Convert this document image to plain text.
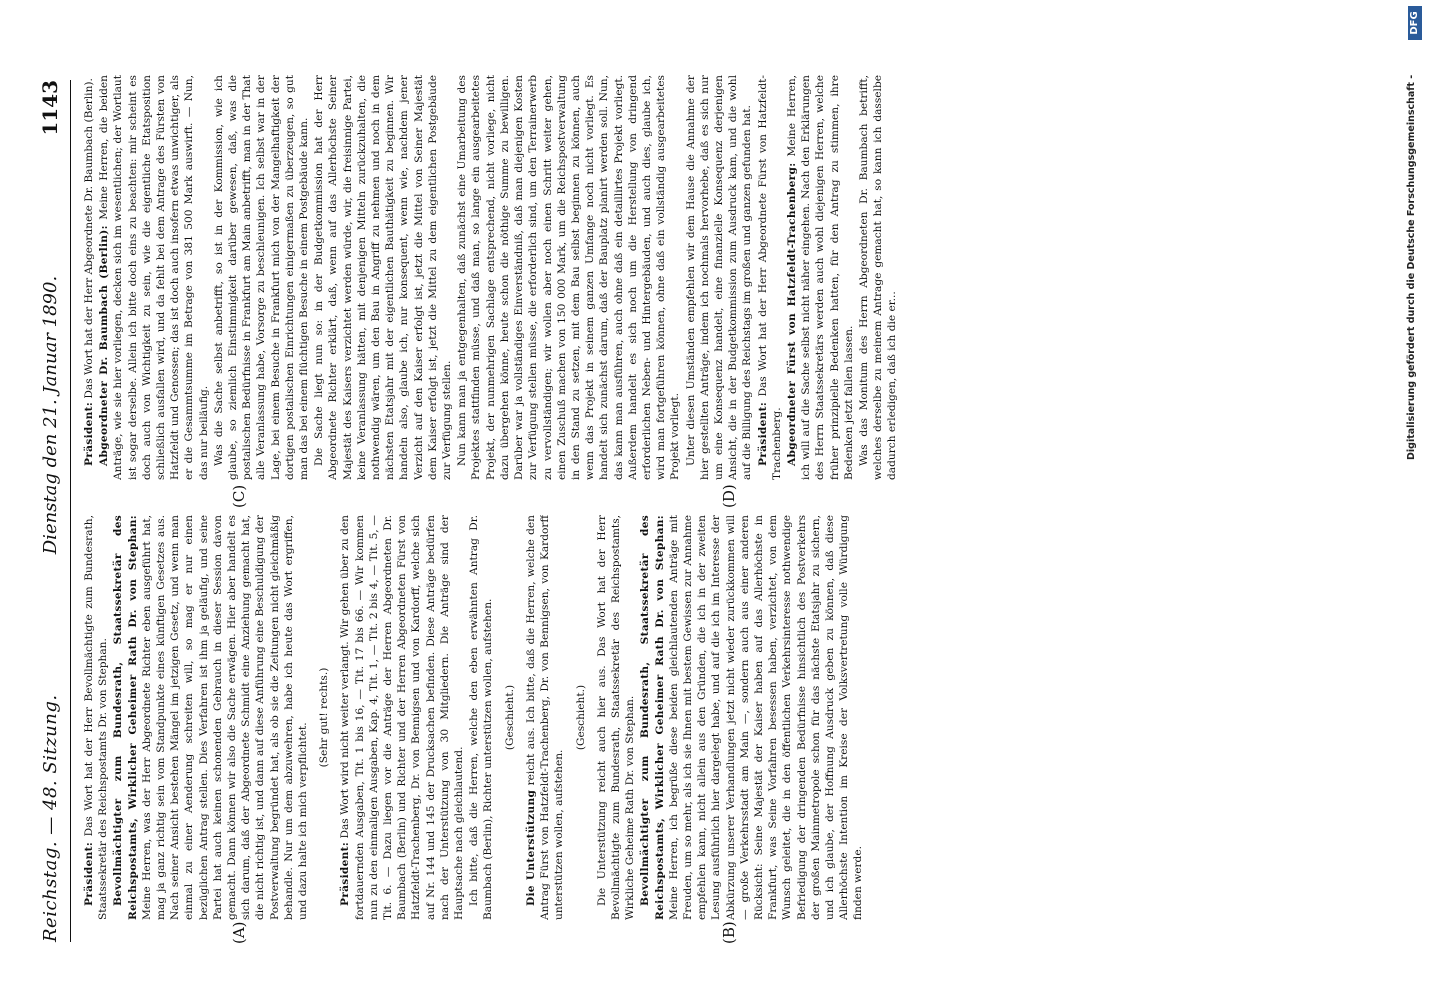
Reichstag. — 48. Sitzung.
Dienstag den 21. Januar 1890.
1143
(A)	(B)
(C)	(D)

Präsident: Das Wort hat der Herr Bevollmächtigte zum Bundesrath, Staatssekretär des Reichspostamts Dr. von Stephan. Bevollmächtigter zum Bundesrath, Staatssekretär des Reichspostamts, Wirklicher Geheimer Rath Dr. von Stephan: Meine Herren, was der Herr Abgeordnete Richter eben ausgeführt hat, mag ja ganz richtig sein vom Standpunkte eines künftigen Gesetzes aus. Nach seiner Ansicht bestehen Mängel im jetzigen Gesetz, und wenn man einmal zu einer Aenderung schreiten will, so mag er nur einen bezüglichen Antrag stellen. Dies Verfahren ist ihm ja geläufig, und seine Partei hat auch keinen schonenden Gebrauch in dieser Session davon gemacht. Dann können wir also die Sache erwägen. Hier aber handelt es sich darum, daß der Abgeordnete Schmidt eine Anziehung gemacht hat, die nicht richtig ist, und dann auf diese Anführung eine Beschuldigung der Postverwaltung begründet hat, als ob sie die Zeitungen nicht gleichmäßig behandle. Nur um dem abzuwehren, habe ich heute das Wort ergriffen, und dazu halte ich mich verpflichtet.

(Sehr gut! rechts.)

Präsident: Das Wort wird nicht weiter verlangt. Wir gehen über zu den fortdauernden Ausgaben, Tit. 1 bis 16, — Tit. 17 bis 66. — Wir kommen nun zu den einmaligen Ausgaben, Kap. 4, Tit. 1, — Tit. 2 bis 4, — Tit. 5, — Tit. 6. — Dazu liegen vor die Anträge der Herren Abgeordneten Dr. Baumbach (Berlin) und Richter und der Herren Abgeordneten Fürst von Hatzfeldt-Trachenberg, Dr. von Bennigsen und von Kardorff, welche sich auf Nr. 144 und 145 der Drucksachen befinden. Diese Anträge bedürfen nach der Unterstützung von 30 Mitgliedern. Die Anträge sind der Hauptsache nach gleichlautend. Ich bitte, daß die Herren, welche den eben erwähnten Antrag Dr. Baumbach (Berlin), Richter unterstützen wollen, aufstehen. (Geschieht.)

Die Unterstützung reicht aus. Ich bitte, daß die Herren, welche den Antrag Fürst von Hatzfeldt-Trachenberg, Dr. von Bennigsen, von Kardorff unterstützen wollen, aufstehen.

(Geschieht.) Die Unterstützung reicht auch hier aus. Das Wort hat der Herr Bevollmächtigte zum Bundesrath, Staatssekretär des Reichspostamts, Wirkliche Geheime Rath Dr. von Stephan. Bevollmächtigter zum Bundesrath, Staatssekretär des Reichspostamts, Wirklicher Geheimer Rath Dr. von Stephan: Meine Herren, ich begrüße diese beiden gleichlautenden Anträge mit Freuden, um so mehr, als ich sie Ihnen mit bestem Gewissen zur Annahme empfehlen kann, nicht allein aus den Gründen, die ich in der zweiten Lesung ausführlich hier dargelegt habe, und auf die ich im Interesse der Abkürzung unserer Verhandlungen jetzt nicht wieder zurückkommen will — große Verkehrsstadt am Main —, sondern auch aus einer anderen Rücksicht: Seine Majestät der Kaiser haben auf das Allerhöchste in Frankfurt, was Seine Vorfahren besessen haben, verzichtet, von dem Wunsch geleitet, die in den öffentlichen Verkehrsinteresse nothwendige Befriedigung der dringenden Bedürfnisse hinsichtlich des Postverkehrs der großen Mainmetropole schon für das nächste Etatsjahr zu sichern, und ich glaube, der Hoffnung Ausdruck geben zu können, daß diese Allerhöchste Intention im Kreise der Volksvertretung volle Würdigung finden werde.

Präsident: Das Wort hat der Herr Abgeordnete Dr. Baumbach (Berlin). Abgeordneter Dr. Baumbach (Berlin): Meine Herren, die beiden Anträge, wie sie hier vorliegen, decken sich im wesentlichen; der Wortlaut ist sogar derselbe. Allein ich bitte doch eins zu beachten: mir scheint es doch auch von Wichtigkeit zu sein, wie die eigentliche Etatsposition schließlich ausfallen wird, und da fehlt bei dem Antrage des Fürsten von Hatzfeldt und Genossen; das ist doch auch insofern etwas unwichtiger, als er die Gesammtsumme im Betrage von 381 500 Mark auswirft. — Nun, das nur beiläufig. Was die Sache selbst anbetrifft, so ist in der Kommission, wie ich glaube, so ziemlich Einstimmigkeit darüber gewesen, daß, was die postalischen Bedürfnisse in Frankfurt am Main anbetrifft, man in der That alle Veranlassung habe, Vorsorge zu beschleunigen. Ich selbst war in der Lage, bei einem Besuche in Frankfurt mich von der Mangelhaftigkeit der dortigen postalischen Einrichtungen einigermaßen zu überzeugen, so gut man das bei einem flüchtigen Besuche in einem Postgebäude kann. Die Sache liegt nun so: in der Budgetkommission hat der Herr Abgeordnete Richter erklärt, daß, wenn auf das Allerhöchste Seiner Majestät des Kaisers verzichtet werden würde, wir, die freisinnige Partei, keine Veranlassung hätten, mit denjenigen Mitteln zurückzuhalten, die nothwendig wären, um den Bau in Angriff zu nehmen und noch in dem nächsten Etatsjahr mit der eigentlichen Bauthätigkeit zu beginnen. Wir handeln also, glaube ich, nur konsequent, wenn wie, nachdem jener Verzicht auf den Kaiser erfolgt ist, jetzt die Mittel von Seiner Majestät dem Kaiser erfolgt ist, jetzt die Mittel zu dem eigentlichen Postgebäude zur Verfügung stellen. Nun kann man ja entgegenhalten, daß zunächst eine Umarbeitung des Projektes stattfinden müsse, und daß man, so lange ein ausgearbeitetes Projekt, der nunmehrigen Sachlage entsprechend, nicht vorliege, nicht dazu übergehen könne, heute schon die nöthige Summe zu bewilligen. Darüber war ja vollständiges Einverständniß, daß man diejenigen Kosten zur Verfügung stellen müsse, die erforderlich sind, um den Terrainerwerb zu vervollständigen; wir wollen aber noch einen Schritt weiter gehen, einen Zuschuß machen von 150 000 Mark, um die Reichspostverwaltung in den Stand zu setzen, mit dem Bau selbst beginnen zu können, auch wenn das Projekt in seinem ganzen Umfange noch nicht vorliegt. Es handelt sich zunächst darum, daß der Bauplatz planirt werden soll. Nun, das kann man ausführen, auch ohne daß ein detaillirtes Projekt vorliegt. Außerdem handelt es sich noch um die Herstellung von dringend erforderlichen Neben- und Hintergebäuden, und auch dies, glaube ich, wird man fortgeführen können, ohne daß ein vollständig ausgearbeitetes Projekt vorliegt. Unter diesen Umständen empfehlen wir dem Hause die Annahme der hier gestellten Anträge, indem ich nochmals hervorhebe, daß es sich nur um eine Konsequenz handelt, eine finanzielle Konsequenz derjenigen Ansicht, die in der Budgetkommission zum Ausdruck kam, und die wohl auf die Billigung des Reichstags im großen und ganzen gefunden hat. Präsident: Das Wort hat der Herr Abgeordnete Fürst von Hatzfeldt-Trachenberg. Abgeordneter Fürst von Hatzfeldt-Trachenberg: Meine Herren, ich will auf die Sache selbst nicht näher eingehen. Nach den Erklärungen des Herrn Staatssekretärs werden auch wohl diejenigen Herren, welche früher prinzipielle Bedenken hatten, für den Antrag zu stimmen, ihre Bedenken jetzt fallen lassen. Was das Monitum des Herrn Abgeordneten Dr. Baumbach betrifft, welches derselbe zu meinem Antrage gemacht hat, so kann ich dasselbe dadurch erledigen, daß ich die er...	Digitalisierung gefördert durch die Deutsche Forschungsgemeinschaft -
DFG
